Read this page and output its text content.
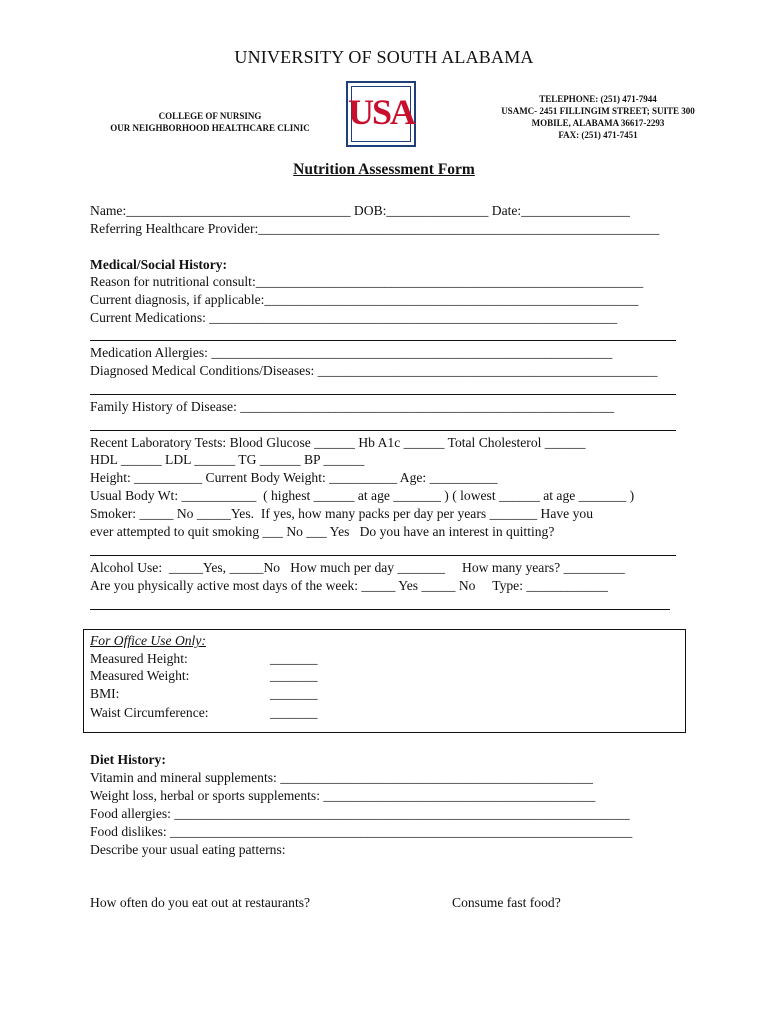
UNIVERSITY OF SOUTH ALABAMA
COLLEGE OF NURSING
OUR NEIGHBORHOOD HEALTHCARE CLINIC USA	TELEPHONE: (251) 471-7944
USAMC- 2451 FILLINGIM STREET; SUITE 300
MOBILE, ALABAMA 36617-2293
FAX: (251) 471-7451
Nutrition Assessment Form
Name:_________________________________ DOB:_______________ Date:________________
Referring Healthcare Provider:___________________________________________________________
Medical/Social History:
Reason for nutritional consult:_________________________________________________________
Current diagnosis, if applicable:_______________________________________________________
Current Medications: ____________________________________________________________
Medication Allergies: ___________________________________________________________
Diagnosed Medical Conditions/Diseases: __________________________________________________
Family History of Disease: _______________________________________________________
Recent Laboratory Tests: Blood Glucose ______ Hb A1c ______ Total Cholesterol ______
HDL ______ LDL ______ TG ______ BP ______
Height: __________ Current Body Weight: __________ Age: __________
Usual Body Wt: ___________  ( highest ______ at age _______ ) ( lowest ______ at age _______ )
Smoker: _____ No _____Yes.  If yes, how many packs per day per years _______ Have you
ever attempted to quit smoking ___ No ___ Yes   Do you have an interest in quitting?
Alcohol Use:  _____Yes, _____No   How much per day _______     How many years? _________
Are you physically active most days of the week: _____ Yes _____ No     Type: ____________
For Office Use Only:
Measured Height:	_______
Measured Weight:	_______
BMI:	_______
Waist Circumference:	_______
Diet History:
Vitamin and mineral supplements: ______________________________________________
Weight loss, herbal or sports supplements: ________________________________________
Food allergies: ___________________________________________________________________
Food dislikes: ____________________________________________________________________
Describe your usual eating patterns:
How often do you eat out at restaurants?	Consume fast food?
